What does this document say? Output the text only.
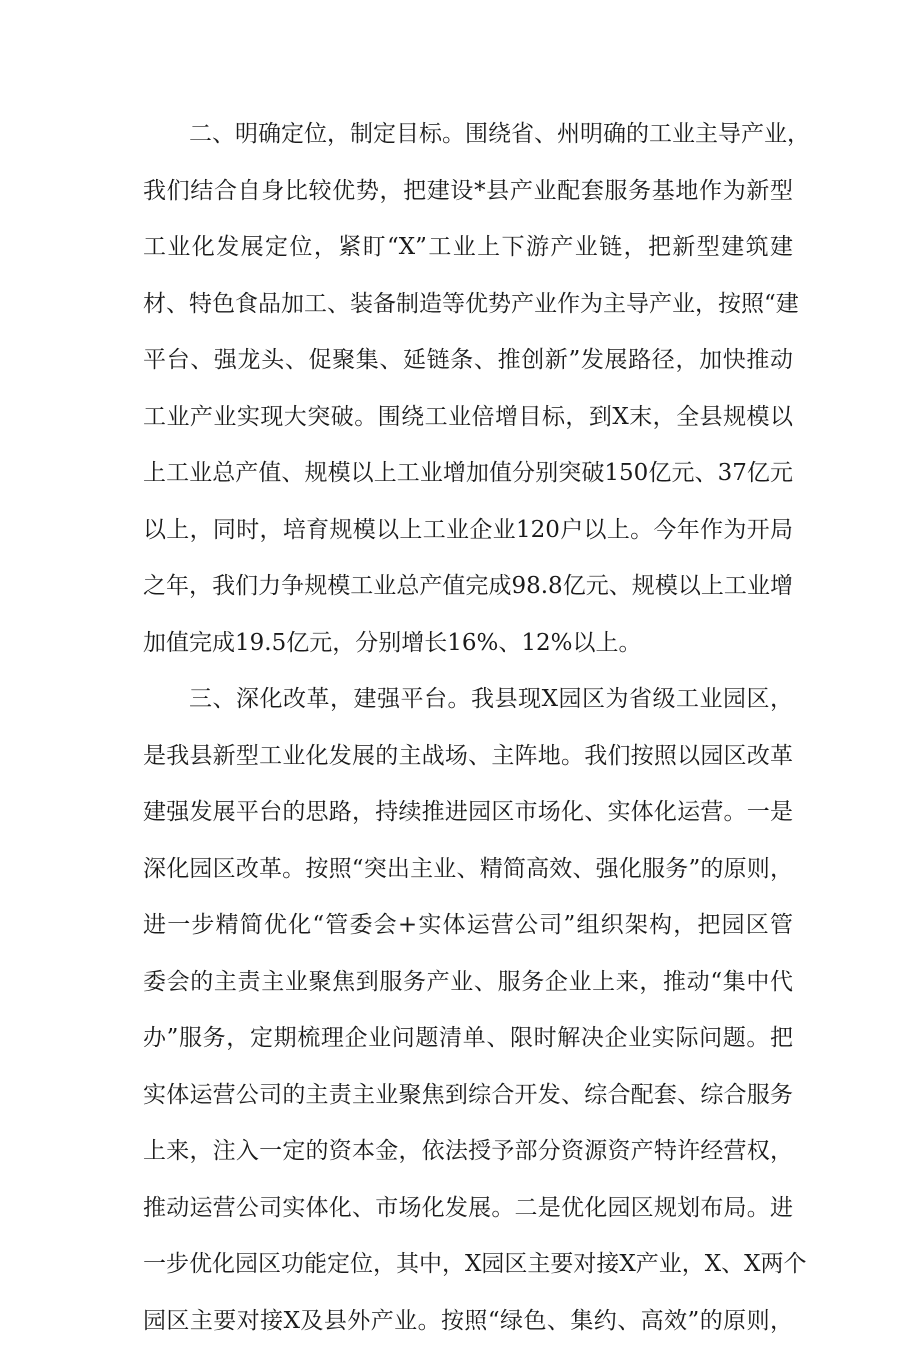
二、明确定位，制定目标。围绕省、州明确的工业主导产业，
我们结合自身比较优势，把建设*县产业配套服务基地作为新型
工业化发展定位，紧盯“X”工业上下游产业链，把新型建筑建
材、特色食品加工、装备制造等优势产业作为主导产业，按照“建
平台、强龙头、促聚集、延链条、推创新”发展路径，加快推动
工业产业实现大突破。围绕工业倍增目标，到X末，全县规模以
上工业总产值、规模以上工业增加值分别突破150亿元、37亿元
以上，同时，培育规模以上工业企业120户以上。今年作为开局
之年，我们力争规模工业总产值完成98.8亿元、规模以上工业增
加值完成19.5亿元，分别增长16%、12%以上。
三、深化改革，建强平台。我县现X园区为省级工业园区，
是我县新型工业化发展的主战场、主阵地。我们按照以园区改革
建强发展平台的思路，持续推进园区市场化、实体化运营。一是
深化园区改革。按照“突出主业、精简高效、强化服务”的原则，
进一步精简优化“管委会+实体运营公司”组织架构，把园区管
委会的主责主业聚焦到服务产业、服务企业上来，推动“集中代
办”服务，定期梳理企业问题清单、限时解决企业实际问题。把
实体运营公司的主责主业聚焦到综合开发、综合配套、综合服务
上来，注入一定的资本金，依法授予部分资源资产特许经营权，
推动运营公司实体化、市场化发展。二是优化园区规划布局。进
一步优化园区功能定位，其中，X园区主要对接X产业，X、X两个
园区主要对接X及县外产业。按照“绿色、集约、高效”的原则，
